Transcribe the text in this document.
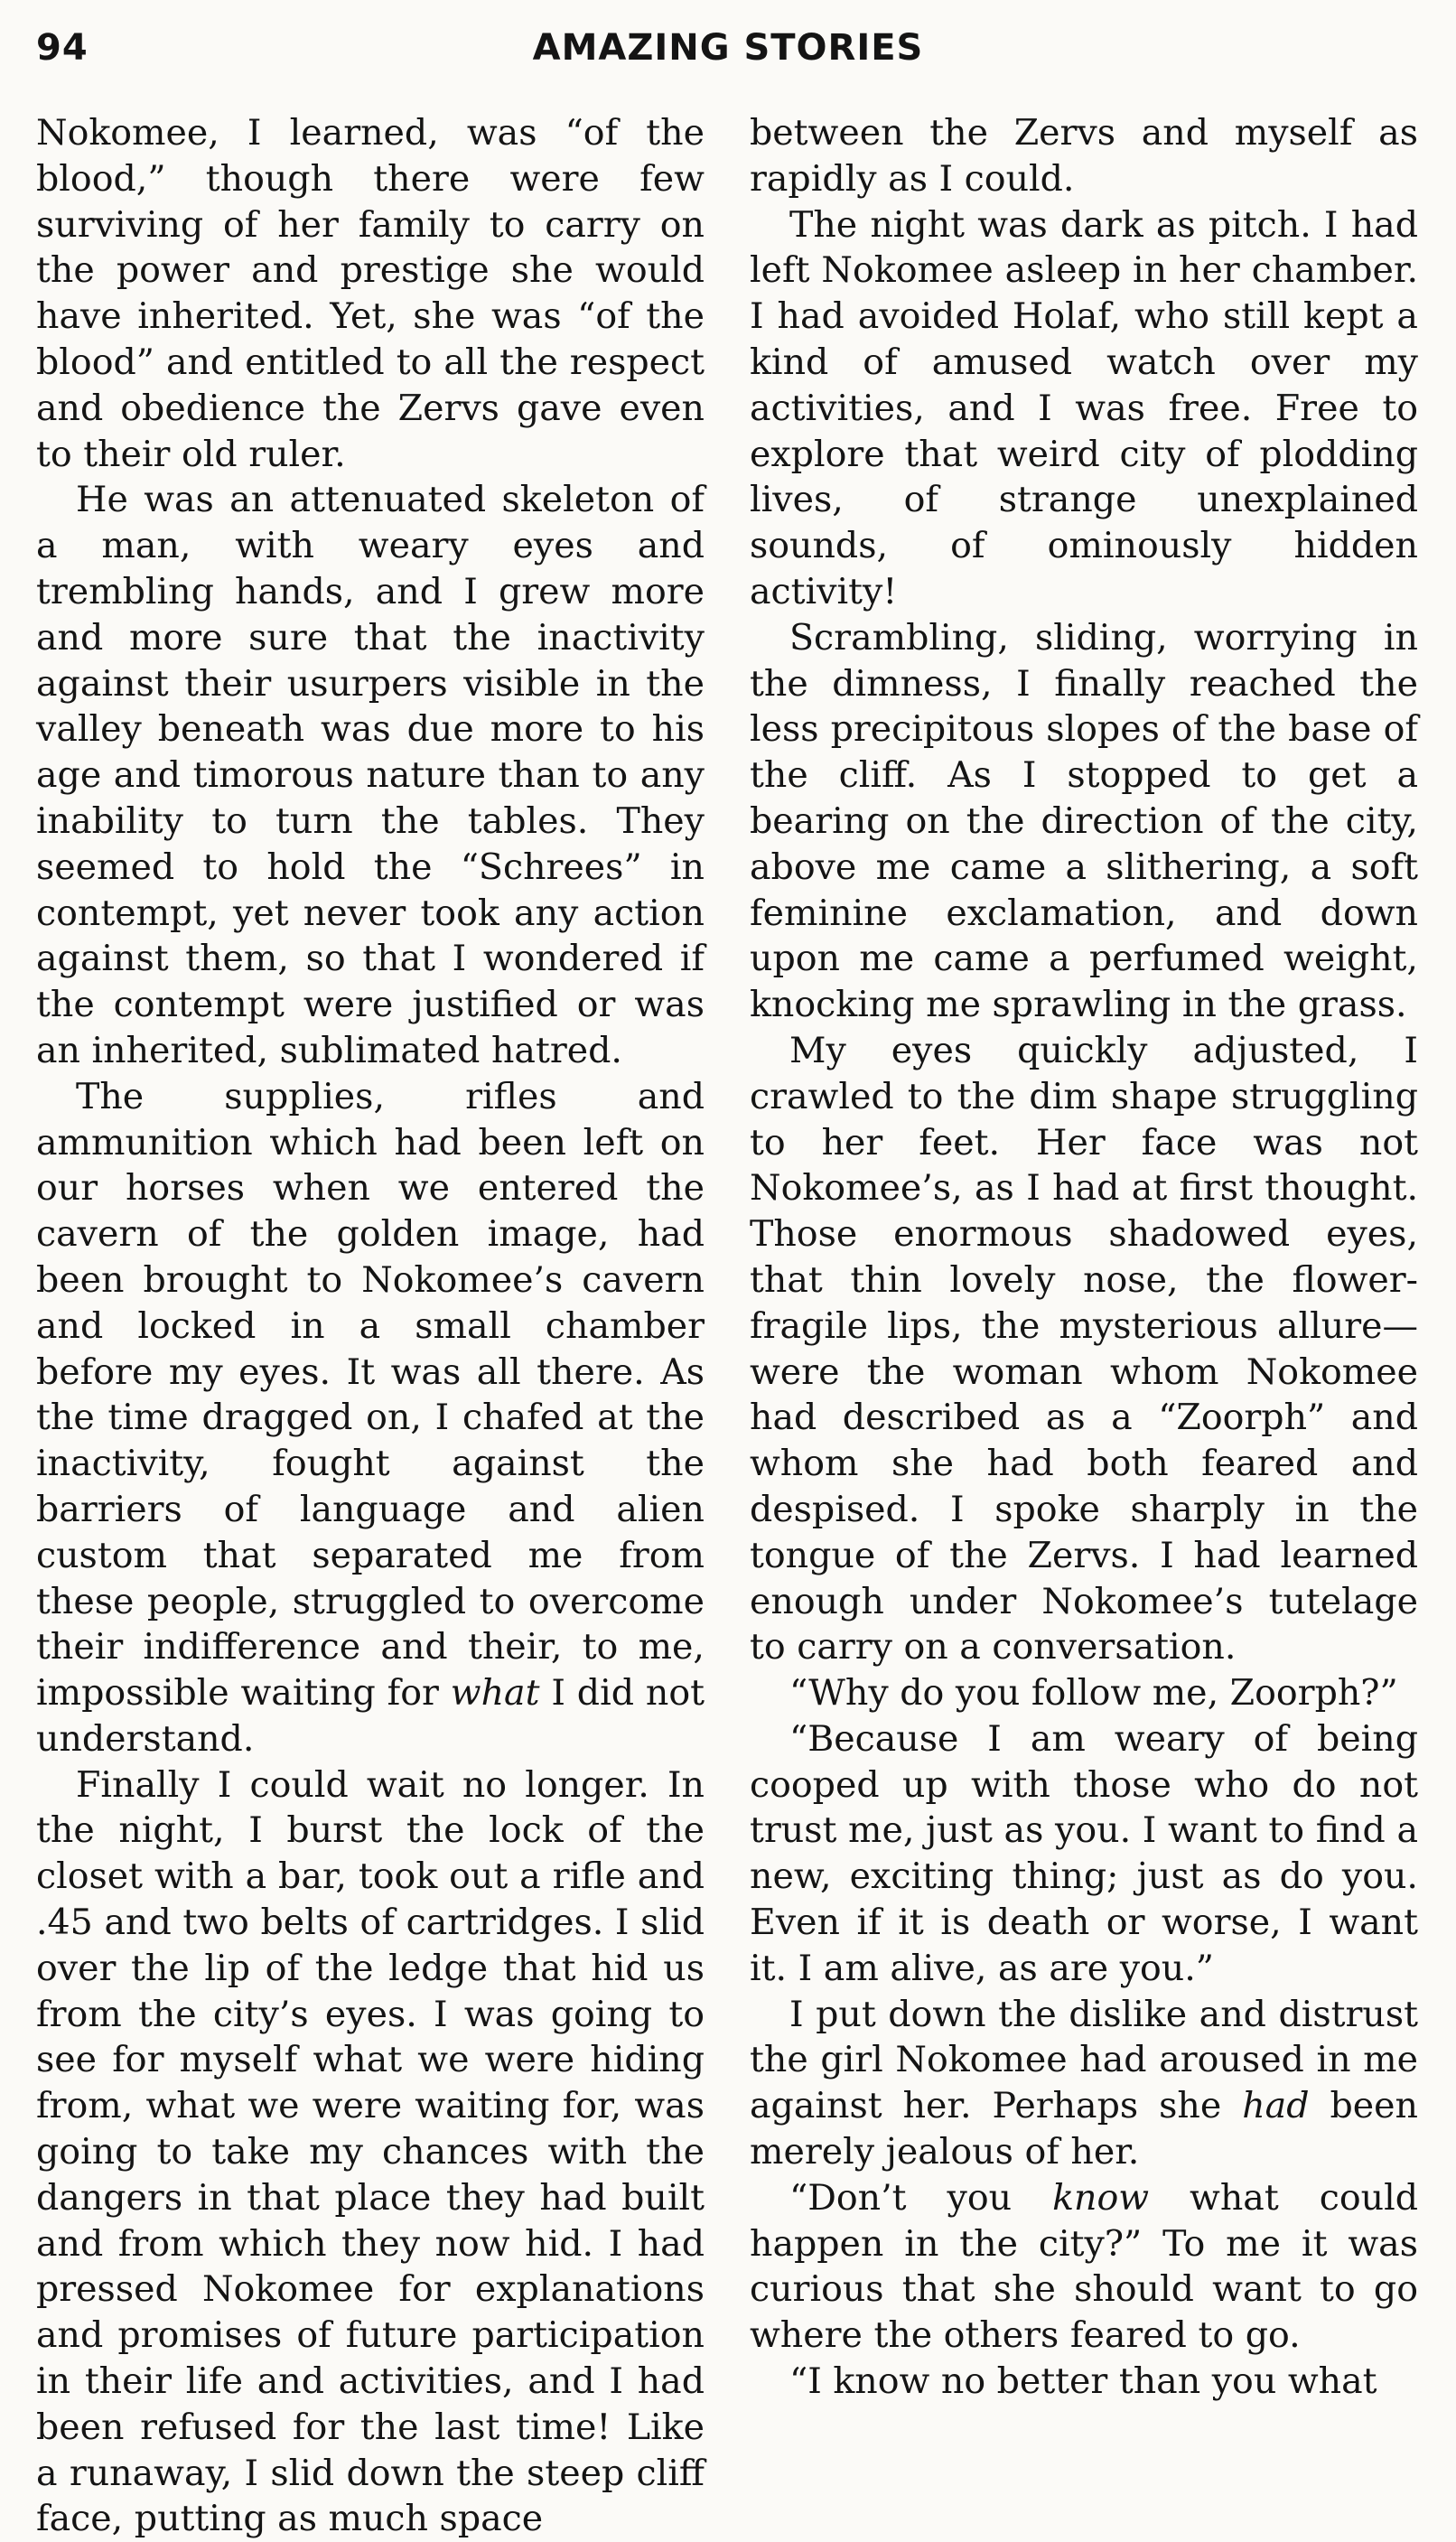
94	AMAZING STORIES

Nokomee, I learned, was “of the blood,” though there were few surviving of her family to carry on the power and prestige she would have inherited. Yet, she was “of the blood” and entitled to all the respect and obedience the Zervs gave even to their old ruler.

He was an attenuated skeleton of a man, with weary eyes and trembling hands, and I grew more and more sure that the inactivity against their usurpers visible in the valley beneath was due more to his age and timorous nature than to any inability to turn the tables. They seemed to hold the “Schrees” in contempt, yet never took any action against them, so that I wondered if the contempt were justified or was an inherited, sublimated hatred.

The supplies, rifles and ammunition which had been left on our horses when we entered the cavern of the golden image, had been brought to Nokomee’s cavern and locked in a small chamber before my eyes. It was all there. As the time dragged on, I chafed at the inactivity, fought against the barriers of language and alien custom that separated me from these people, struggled to overcome their indifference and their, to me, impossible waiting for what I did not understand.

Finally I could wait no longer. In the night, I burst the lock of the closet with a bar, took out a rifle and .45 and two belts of cartridges. I slid over the lip of the ledge that hid us from the city’s eyes. I was going to see for myself what we were hiding from, what we were waiting for, was going to take my chances with the dangers in that place they had built and from which they now hid. I had pressed Nokomee for explanations and promises of future participation in their life and activities, and I had been refused for the last time! Like a runaway, I slid down the steep cliff face, putting as much space

between the Zervs and myself as rapidly as I could.

The night was dark as pitch. I had left Nokomee asleep in her chamber. I had avoided Holaf, who still kept a kind of amused watch over my activities, and I was free. Free to explore that weird city of plodding lives, of strange unexplained sounds, of ominously hidden activity!

Scrambling, sliding, worrying in the dimness, I finally reached the less precipitous slopes of the base of the cliff. As I stopped to get a bearing on the direction of the city, above me came a slithering, a soft feminine exclamation, and down upon me came a perfumed weight, knocking me sprawling in the grass.

My eyes quickly adjusted, I crawled to the dim shape struggling to her feet. Her face was not Nokomee’s, as I had at first thought. Those enormous shadowed eyes, that thin lovely nose, the flower-fragile lips, the mysterious allure—were the woman whom Nokomee had described as a “Zoorph” and whom she had both feared and despised. I spoke sharply in the tongue of the Zervs. I had learned enough under Nokomee’s tutelage to carry on a conversation.

“Why do you follow me, Zoorph?”

“Because I am weary of being cooped up with those who do not trust me, just as you. I want to find a new, exciting thing; just as do you. Even if it is death or worse, I want it. I am alive, as are you.”

I put down the dislike and distrust the girl Nokomee had aroused in me against her. Perhaps she had been merely jealous of her.

“Don’t you know what could happen in the city?” To me it was curious that she should want to go where the others feared to go.

“I know no better than you what
